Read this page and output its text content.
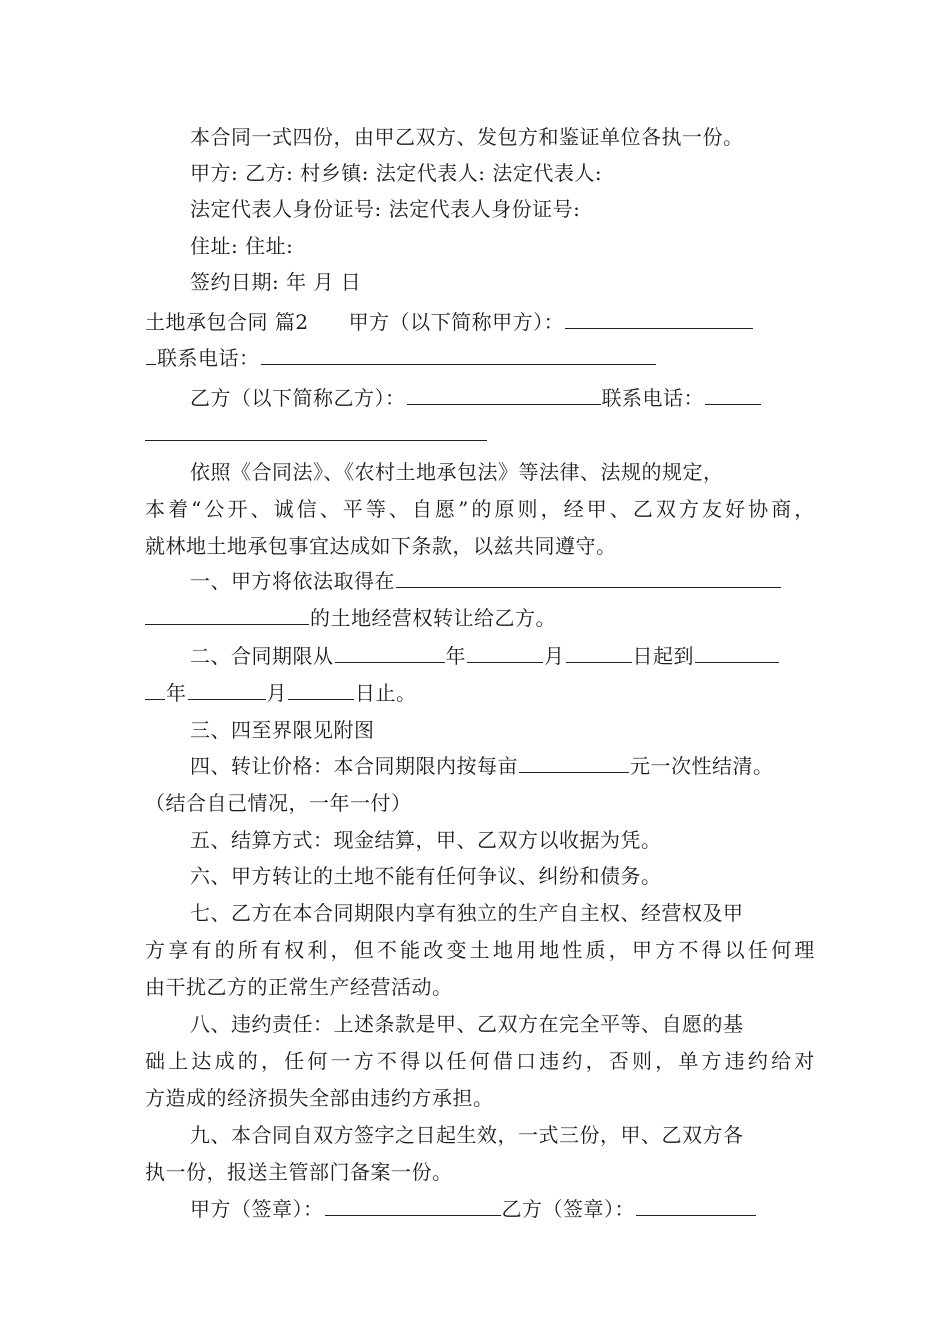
本合同一式四份，由甲乙双方、发包方和鉴证单位各执一份。
甲方: 乙方: 村乡镇: 法定代表人: 法定代表人:
法定代表人身份证号: 法定代表人身份证号:
住址: 住址:
签约日期: 年 月 日
土地承包合同 篇2 甲方（以下简称甲方）：
联系电话：
乙方（以下简称乙方）：	联系电话：
依照《合同法》、《农村土地承包法》等法律、法规的规定，
本 着 “ 公 开 、 诚 信 、 平 等 、 自 愿 ” 的 原 则 ， 经 甲 、 乙 双 方 友 好 协 商 ，
就林地土地承包事宜达成如下条款，以兹共同遵守。
一、甲方将依法取得在
的土地经营权转让给乙方。
二、合同期限从	年	月	日起到
年	月	日止。
三、四至界限见附图
四、转让价格：本合同期限内按每亩	元一次性结清。
（结合自己情况，一年一付）
五、结算方式：现金结算，甲、乙双方以收据为凭。
六、甲方转让的土地不能有任何争议、纠纷和债务。
七、乙方在本合同期限内享有独立的生产自主权、经营权及甲
方 享 有 的 所 有 权 利 ， 但 不 能 改 变 土 地 用 地 性 质 ， 甲 方 不 得 以 任 何 理
由干扰乙方的正常生产经营活动。
八、违约责任：上述条款是甲、乙双方在完全平等、自愿的基
础 上 达 成 的 ， 任 何 一 方 不 得 以 任 何 借 口 违 约 ， 否 则 ， 单 方 违 约 给 对
方造成的经济损失全部由违约方承担。
九、本合同自双方签字之日起生效，一式三份，甲、乙双方各
执一份，报送主管部门备案一份。
甲方（签章）：	乙方（签章）：
